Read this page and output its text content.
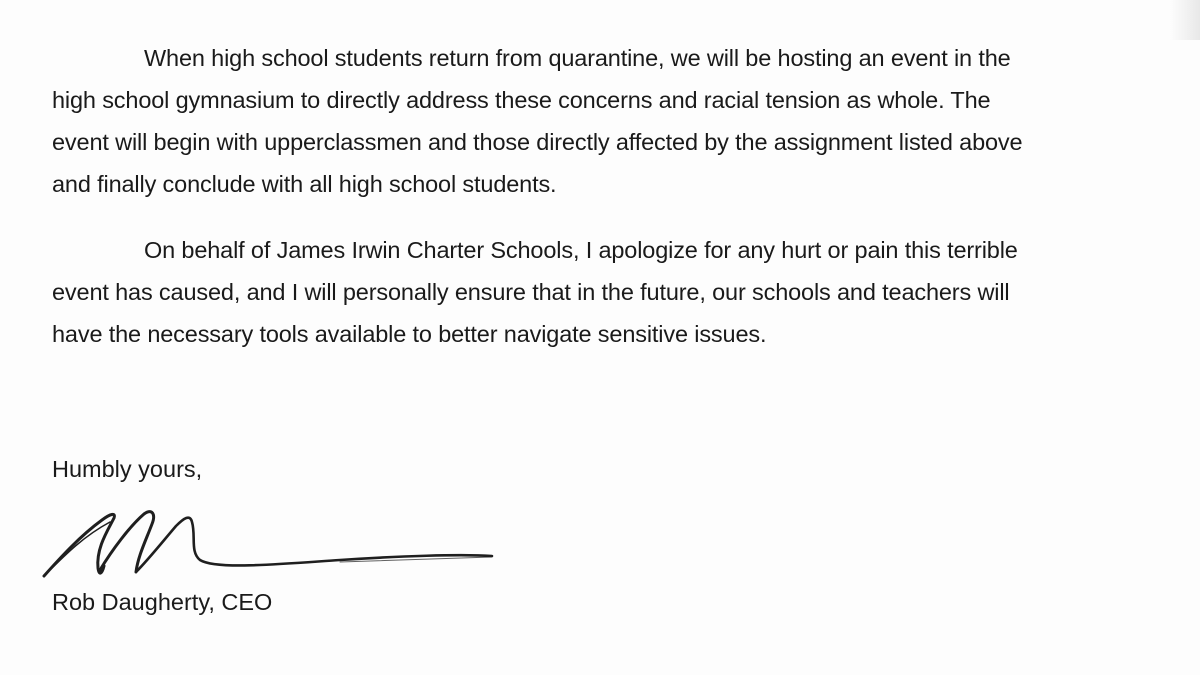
When high school students return from quarantine, we will be hosting an event in the
high school gymnasium to directly address these concerns and racial tension as whole. The
event will begin with upperclassmen and those directly affected by the assignment listed above
and finally conclude with all high school students.

On behalf of James Irwin Charter Schools, I apologize for any hurt or pain this terrible
event has caused, and I will personally ensure that in the future, our schools and teachers will
have the necessary tools available to better navigate sensitive issues.

Humbly yours,

Rob Daugherty, CEO
